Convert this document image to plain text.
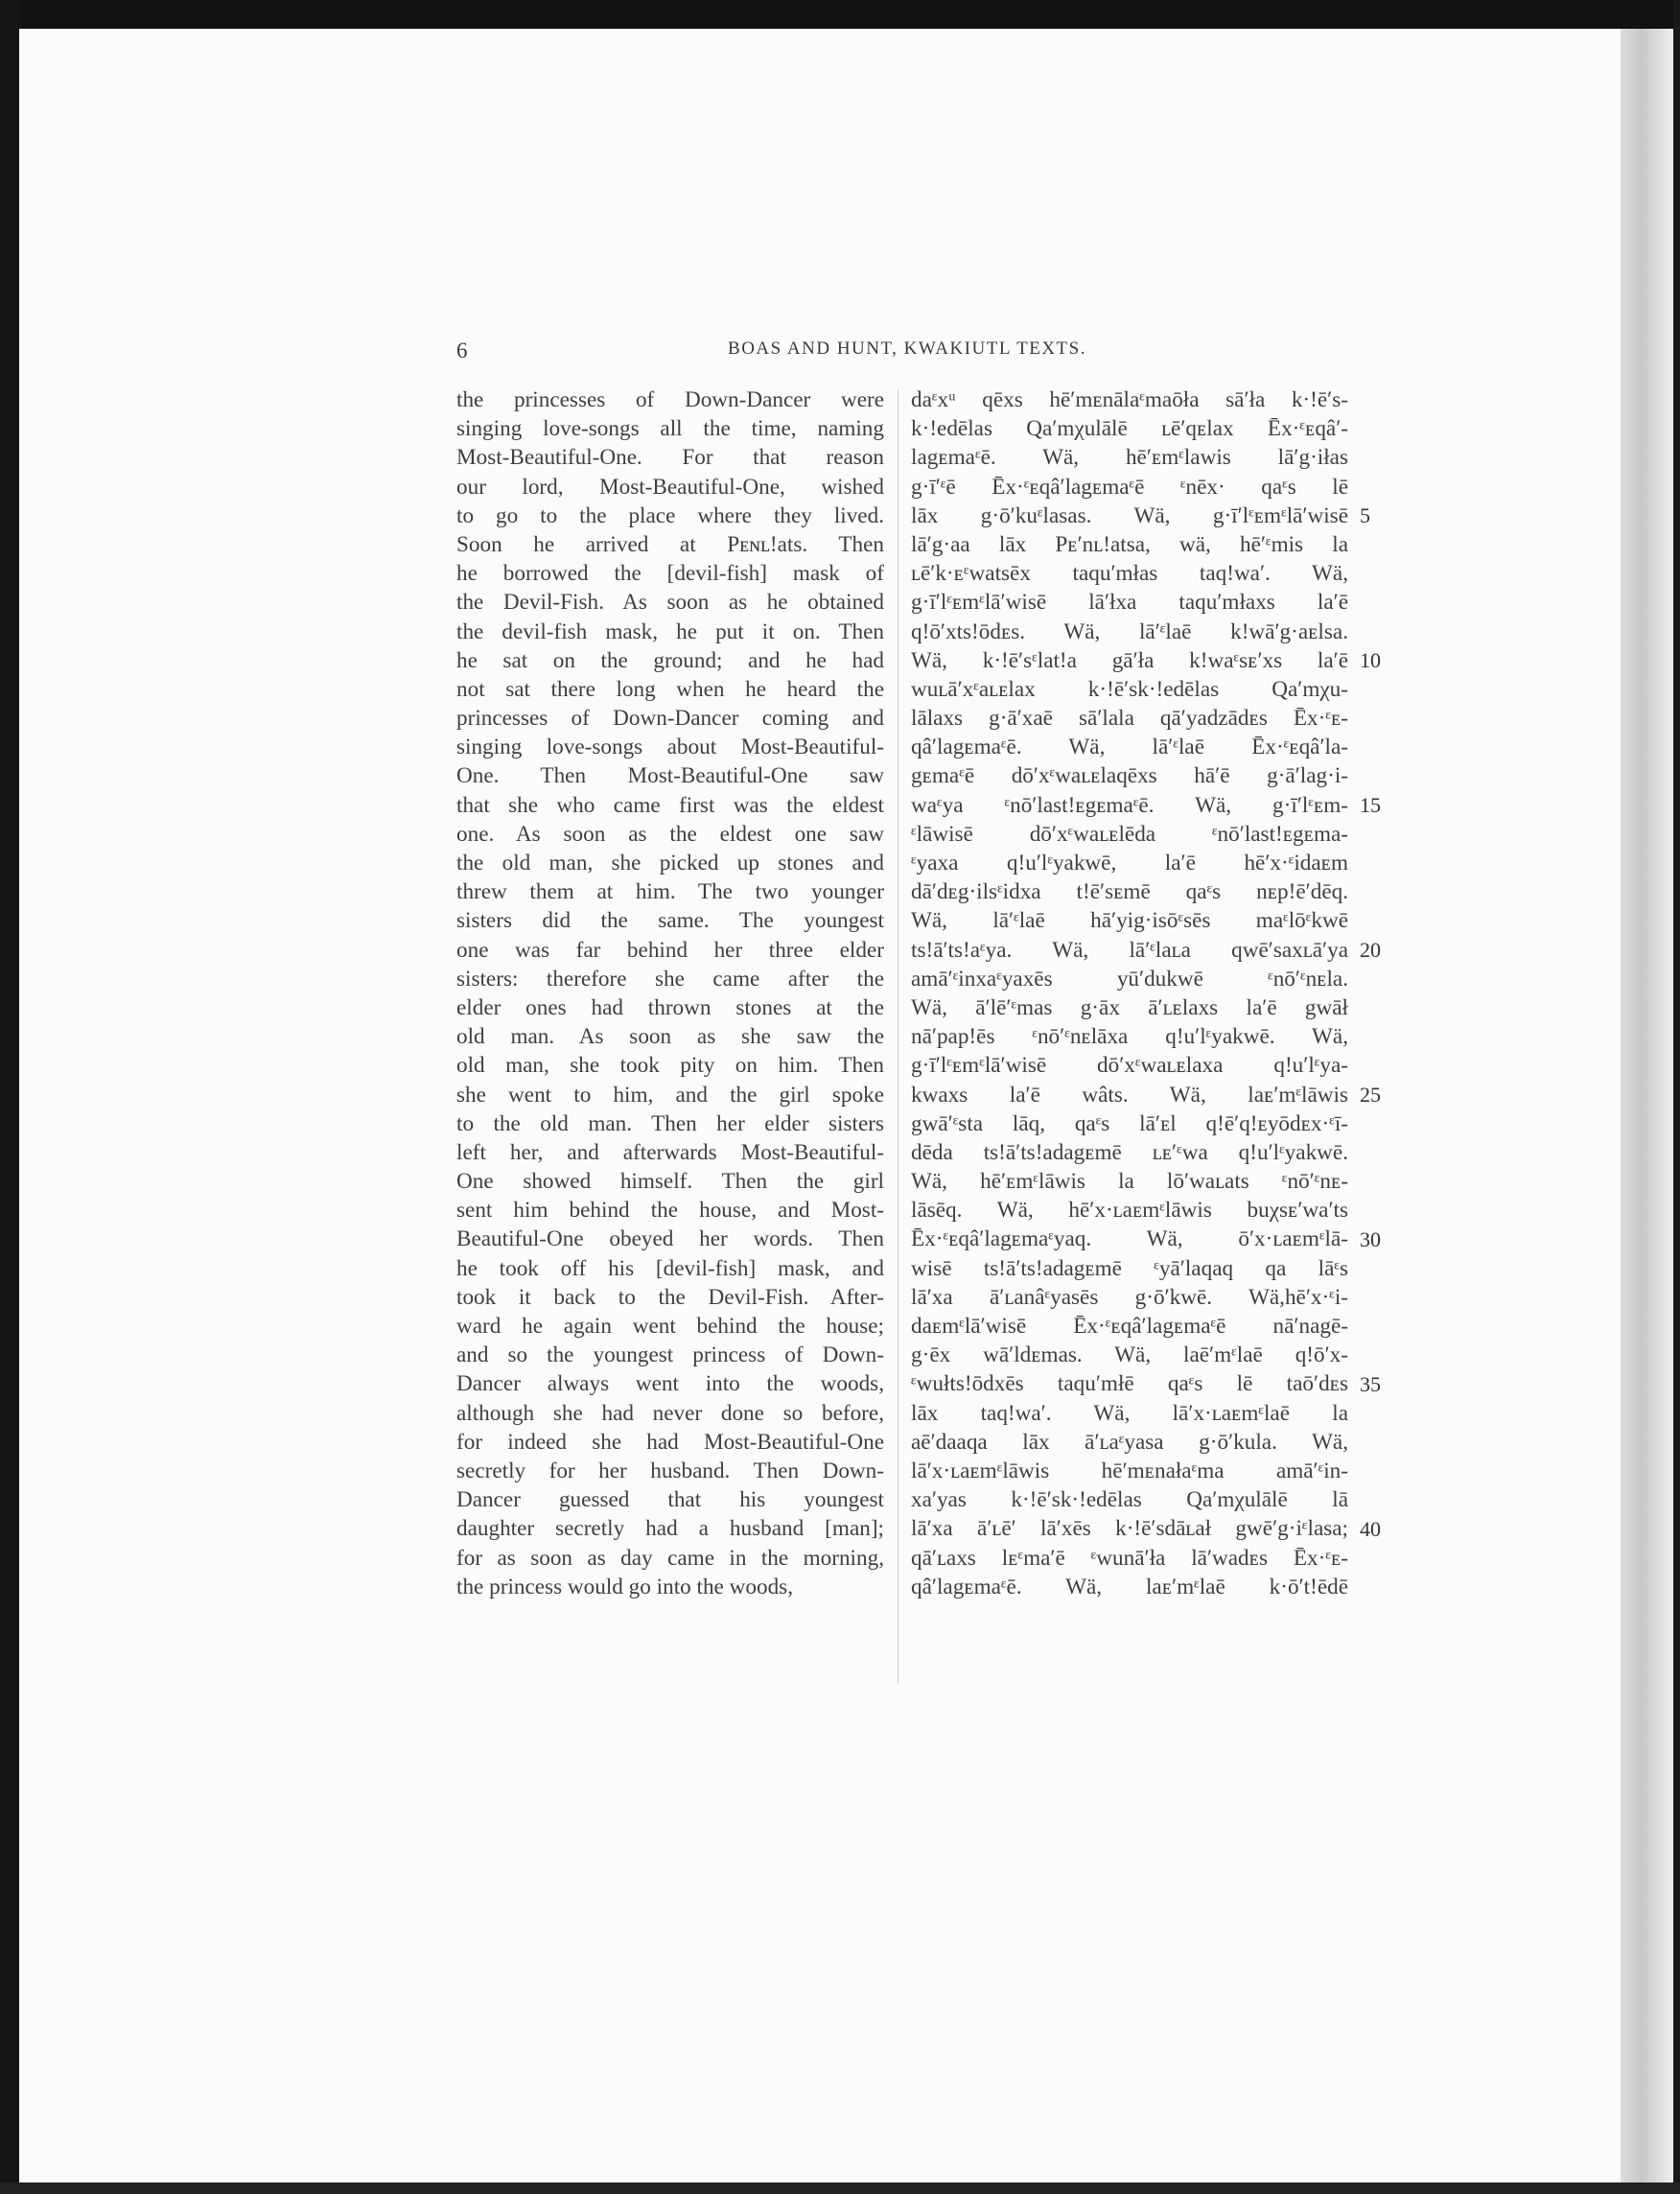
6	BOAS AND HUNT, KWAKIUTL TEXTS.
the princesses of Down-Dancer were
singing love-songs all the time, naming
Most-Beautiful-One. For that reason
our lord, Most-Beautiful-One, wished
to go to the place where they lived.
Soon he arrived at Pᴇɴʟ!ats. Then
he borrowed the [devil-fish] mask of
the Devil-Fish. As soon as he obtained
the devil-fish mask, he put it on. Then
he sat on the ground; and he had
not sat there long when he heard the
princesses of Down-Dancer coming and
singing love-songs about Most-Beautiful-
One. Then Most-Beautiful-One saw
that she who came first was the eldest
one. As soon as the eldest one saw
the old man, she picked up stones and
threw them at him. The two younger
sisters did the same. The youngest
one was far behind her three elder
sisters: therefore she came after the
elder ones had thrown stones at the
old man. As soon as she saw the
old man, she took pity on him. Then
she went to him, and the girl spoke
to the old man. Then her elder sisters
left her, and afterwards Most-Beautiful-
One showed himself. Then the girl
sent him behind the house, and Most-
Beautiful-One obeyed her words. Then
he took off his [devil-fish] mask, and
took it back to the Devil-Fish. After-
ward he again went behind the house;
and so the youngest princess of Down-
Dancer always went into the woods,
although she had never done so before,
for indeed she had Most-Beautiful-One
secretly for her husband. Then Down-
Dancer guessed that his youngest
daughter secretly had a husband [man];
for as soon as day came in the morning,
the princess would go into the woods,
daᵋxᵘ qēxs hēʹmᴇnālaᵋmaōła sāʹła k·!ēʹs-
k·!edēlas Qaʹmχulālē ʟēʹqᴇlax Ēx·ᵋᴇqâʹ-
lagᴇmaᵋē. Wä, hēʹᴇmᵋlawis lāʹg·iłas
g·īʹᵋē Ēx·ᵋᴇqâʹlagᴇmaᵋē ᵋnēx· qaᵋs lē
lāx g·ōʹkuᵋlasas. Wä, g·īʹlᵋᴇmᵋlāʹwisē
lāʹg·aa lāx Pᴇʹnʟ!atsa, wä, hēʹᵋmis la
ʟēʹk·ᴇᵋwatsēx taquʹmłas taq!waʹ. Wä,
g·īʹlᵋᴇmᵋlāʹwisē lāʹłxa taquʹmłaxs laʹē
q!ōʹxts!ōdᴇs. Wä, lāʹᵋlaē k!wāʹg·aᴇlsa.
Wä, k·!ēʹsᵋlat!a gāʹła k!waᵋsᴇʹxs laʹē
wuʟāʹxᵋaʟᴇlax k·!ēʹsk·!edēlas Qaʹmχu-
lālaxs g·āʹxaē sāʹlala qāʹyadzādᴇs Ēx·ᵋᴇ-
qâʹlagᴇmaᵋē. Wä, lāʹᵋlaē Ēx·ᵋᴇqâʹla-
gᴇmaᵋē dōʹxᵋwaʟᴇlaqēxs hāʹē g·āʹlag·i-
waᵋya ᵋnōʹlast!ᴇgᴇmaᵋē. Wä, g·īʹlᵋᴇm-
ᵋlāwisē dōʹxᵋwaʟᴇlēda ᵋnōʹlast!ᴇgᴇma-
ᵋyaxa q!uʹlᵋyakwē, laʹē hēʹx·ᵋidaᴇm
dāʹdᴇg·ilsᵋidxa t!ēʹsᴇmē qaᵋs nᴇp!ēʹdēq.
Wä, lāʹᵋlaē hāʹyig·isōᵋsēs maᵋlōᵋkwē
ts!āʹts!aᵋya. Wä, lāʹᵋlaʟa qwēʹsaxʟāʹya
amāʹᵋinxaᵋyaxēs yūʹdukwē ᵋnōʹᵋnᴇla.
Wä, āʹlēʹᵋmas g·āx āʹʟᴇlaxs laʹē gwāł
nāʹpap!ēs ᵋnōʹᵋnᴇlāxa q!uʹlᵋyakwē. Wä,
g·īʹlᵋᴇmᵋlāʹwisē dōʹxᵋwaʟᴇlaxa q!uʹlᵋya-
kwaxs laʹē wâts. Wä, laᴇʹmᵋlāwis
gwāʹᵋsta lāq, qaᵋs lāʹᴇl q!ēʹq!ᴇyōdᴇx·ᵋī-
dēda ts!āʹts!adagᴇmē ʟᴇʹᵋwa q!uʹlᵋyakwē.
Wä, hēʹᴇmᵋlāwis la lōʹwaʟats ᵋnōʹᵋnᴇ-
lāsēq. Wä, hēʹx·ʟaᴇmᵋlāwis buχsᴇʹwaʹts
Ēx·ᵋᴇqâʹlagᴇmaᵋyaq. Wä, ōʹx·ʟaᴇmᵋlā-
wisē ts!āʹts!adagᴇmē ᵋyāʹlaqaq qa lāᵋs
lāʹxa āʹʟanâᵋyasēs g·ōʹkwē. Wä,hēʹx·ᵋi-
daᴇmᵋlāʹwisē Ēx·ᵋᴇqâʹlagᴇmaᵋē nāʹnagē-
g·ēx wāʹldᴇmas. Wä, laēʹmᵋlaē q!ōʹx-
ᵋwułts!ōdxēs taquʹmłē qaᵋs lē taōʹdᴇs
lāx taq!waʹ. Wä, lāʹx·ʟaᴇmᵋlaē la
aēʹdaaqa lāx āʹʟaᵋyasa g·ōʹkula. Wä,
lāʹx·ʟaᴇmᵋlāwis hēʹmᴇnałaᵋma amāʹᵋin-
xaʹyas k·!ēʹsk·!edēlas Qaʹmχulālē lā
lāʹxa āʹʟēʹ lāʹxēs k·!ēʹsdāʟał gwēʹg·iᵋlasa;
qāʹʟaxs lᴇᵋmaʹē ᵋwunāʹła lāʹwadᴇs Ēx·ᵋᴇ-
qâʹlagᴇmaᵋē. Wä, laᴇʹmᵋlaē k·ōʹt!ēdē
5
10
15
20
25
30
35
40
